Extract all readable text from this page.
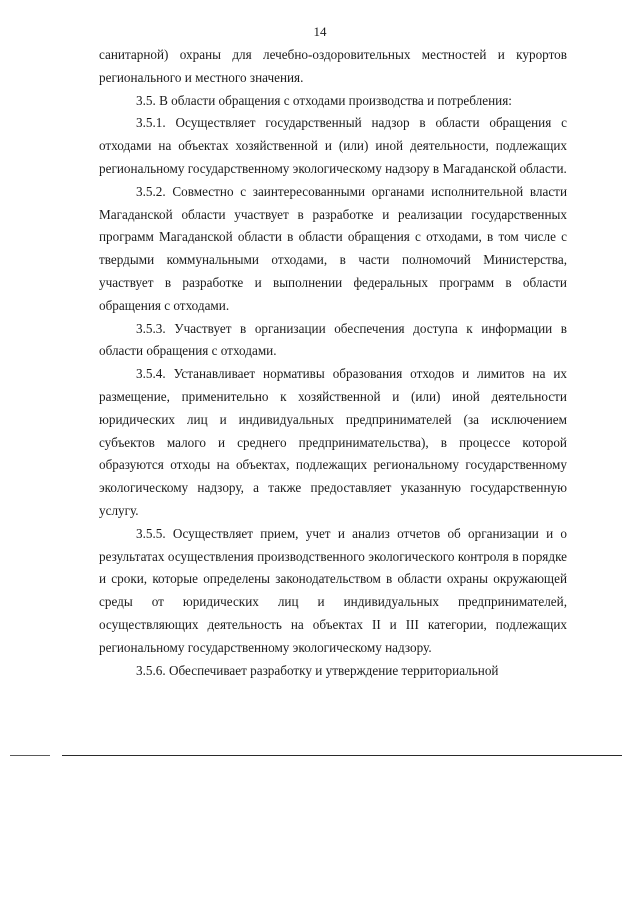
14

санитарной) охраны для лечебно-оздоровительных местностей и курортов регионального и местного значения.

3.5. В области обращения с отходами производства и потребления:

3.5.1. Осуществляет государственный надзор в области обращения с отходами на объектах хозяйственной и (или) иной деятельности, подлежащих региональному государственному экологическому надзору в Магаданской области.

3.5.2. Совместно с заинтересованными органами исполнительной власти Магаданской области участвует в разработке и реализации государственных программ Магаданской области в области обращения с отходами, в том числе с твердыми коммунальными отходами, в части полномочий Министерства, участвует в разработке и выполнении федеральных программ в области обращения с отходами.

3.5.3. Участвует в организации обеспечения доступа к информации в области обращения с отходами.

3.5.4. Устанавливает нормативы образования отходов и лимитов на их размещение, применительно к хозяйственной и (или) иной деятельности юридических лиц и индивидуальных предпринимателей (за исключением субъектов малого и среднего предпринимательства), в процессе которой образуются отходы на объектах, подлежащих региональному государственному экологическому надзору, а также предоставляет указанную государственную услугу.

3.5.5. Осуществляет прием, учет и анализ отчетов об организации и о результатах осуществления производственного экологического контроля в порядке и сроки, которые определены законодательством в области охраны окружающей среды от юридических лиц и индивидуальных предпринимателей, осуществляющих деятельность на объектах II и III категории, подлежащих региональному государственному экологическому надзору.

3.5.6. Обеспечивает разработку и утверждение территориальной
